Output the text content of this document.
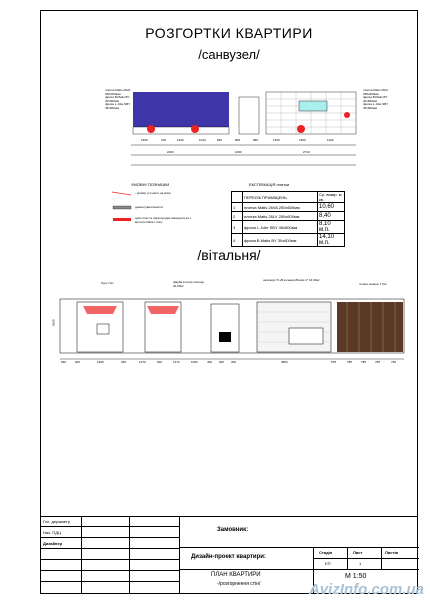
РОЗГОРТКИ КВАРТИРИ
/санвузел/
плитка Matis 26VA
250x600мм
фриза B.Matis BY
30x600мм
фриза L.Jolie SBY
45x600мм
плитка Matis 26LV
250x600мм
фриза B.Matis BY
30x600мм
фриза L.Jolie SBY
45x600мм
1550	700	1200	1040	840	800	980	1300	1900	1100
2260	1000	2710
УМОВНІ ПОЗНАЧКИ
- розмір уточнити на місці
демонтувати/знести
нові стіни та перегородки виконуються з вологостійкого гіпсу
ЕКСПЛІКАЦІЯ плитки
	ПЕРЕЛІК ПРИМІЩЕНЬ	Ср. вимір. м кв.
1	плитка Matis 26VA 250x600мм	10,60
2	плитка Matis 26LV 250x600мм	8,40
3	фриза L.Jolie SBY 45x600мм	8,10 м.п.
4	фриза B.Matis BY 30x600мм	14,10 м.п.
/вітальня/
брус 7шт.	фарба в колір шпалер 22,00м²
шпалери "F+B колекція Bowie 2" 13,00м²
штора льняна 7,7м²
2500
530	900	1900	360	1370	600	1372	1050	400 600 300	3800	578	785	785	785	790
Гол. держметр
Нач. ПДЦ
Дизайнер
Замовник:
Дизайн-проект квартири:
Стадія	Лист	Листів
ЕП	1
ПЛАН КВАРТИРИ
-/розгорнення стін/
М 1:50
AvizInfo.com.ua
